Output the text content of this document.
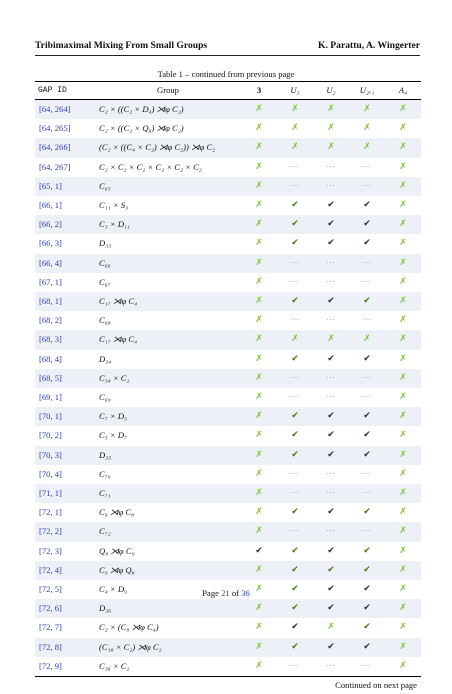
Tribimaximal Mixing From Small Groups	K. Parattu, A. Wingerter
Table 1 – continued from previous page
GAP ID	Group	3	U₃	U₂	U₂ₓ₁	A₄
[64, 264]	C₂ × ((C₂ × D₄) ⋊φ C₂)	✗	✗	✗	✗	✗
[64, 265]	C₂ × ((C₂ × Q₈) ⋊φ C₂)	✗	✗	✗	✗	✗
[64, 266]	(C₂ × ((C₄ × C₂) ⋊φ C₂)) ⋊φ C₂	✗	✗	✗	✗	✗
[64, 267]	C₂ × C₂ × C₂ × C₂ × C₂ × C₂	✗	···	···	···	✗
[65, 1]	C₆₅	✗	···	···	···	✗
[66, 1]	C₁₁ × S₃	✗	✔	✔	✔	✗
[66, 2]	C₃ × D₁₁	✗	✔	✔	✔	✗
[66, 3]	D₃₃	✗	✔	✔	✔	✗
[66, 4]	C₆₆	✗	···	···	···	✗
[67, 1]	C₆₇	✗	···	···	···	✗
[68, 1]	C₁₇ ⋊φ C₄	✗	✔	✔	✔	✗
[68, 2]	C₆₈	✗	···	···	···	✗
[68, 3]	C₁₇ ⋊φ C₄	✗	✗	✗	✗	✗
[68, 4]	D₃₄	✗	✔	✔	✔	✗
[68, 5]	C₃₄ × C₂	✗	···	···	···	✗
[69, 1]	C₆₉	✗	···	···	···	✗
[70, 1]	C₇ × D₅	✗	✔	✔	✔	✗
[70, 2]	C₅ × D₇	✗	✔	✔	✔	✗
[70, 3]	D₃₅	✗	✔	✔	✔	✗
[70, 4]	C₇₀	✗	···	···	···	✗
[71, 1]	C₇₁	✗	···	···	···	✗
[72, 1]	C₉ ⋊φ C₈	✗	✔	✔	✔	✗
[72, 2]	C₇₂	✗	···	···	···	✗
[72, 3]	Q₈ ⋊φ C₉	✔	✔	✔	✔	✗
[72, 4]	C₉ ⋊φ Q₈	✗	✔	✔	✔	✗
[72, 5]	C₄ × D₉	✗	✔	✔	✔	✗
[72, 6]	D₃₆	✗	✔	✔	✔	✗
[72, 7]	C₂ × (C₉ ⋊φ C₄)	✗	✔	✗	✔	✗
[72, 8]	(C₁₈ × C₂) ⋊φ C₂	✗	✔	✔	✔	✗
[72, 9]	C₃₆ × C₂	✗	···	···	···	✗
Continued on next page						
Page 21 of 36
